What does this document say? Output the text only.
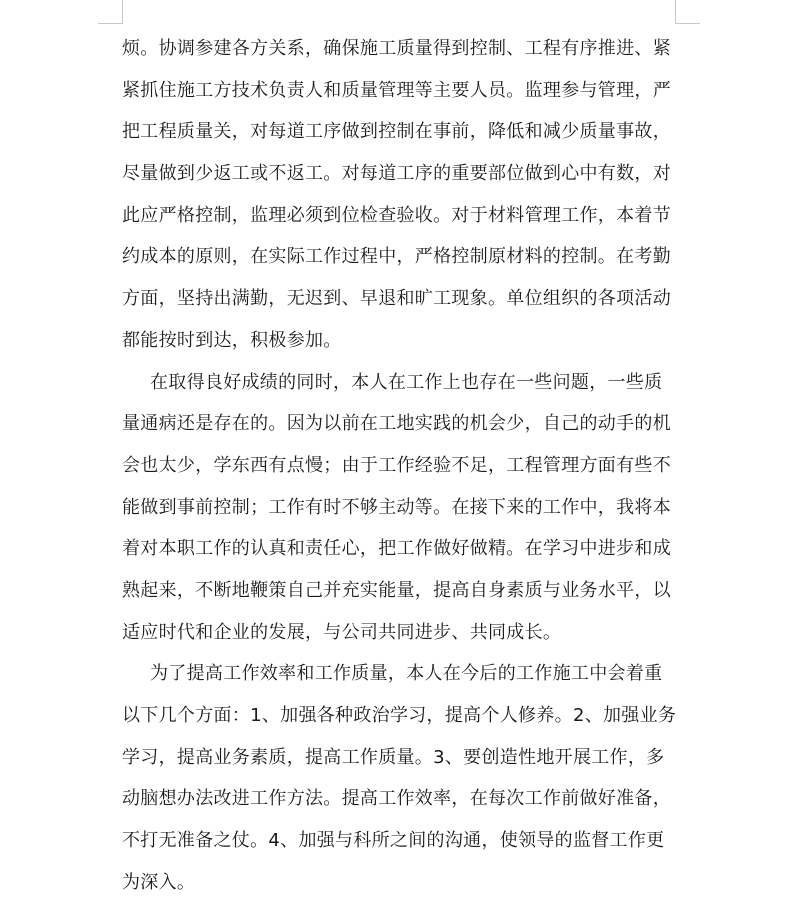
烦。协调参建各方关系，确保施工质量得到控制、工程有序推进、紧
紧抓住施工方技术负责人和质量管理等主要人员。监理参与管理，严
把工程质量关，对每道工序做到控制在事前，降低和减少质量事故，
尽量做到少返工或不返工。对每道工序的重要部位做到心中有数，对
此应严格控制，监理必须到位检查验收。对于材料管理工作，本着节
约成本的原则，在实际工作过程中，严格控制原材料的控制。在考勤
方面，坚持出满勤，无迟到、早退和旷工现象。单位组织的各项活动
都能按时到达，积极参加。
在取得良好成绩的同时，本人在工作上也存在一些问题，一些质
量通病还是存在的。因为以前在工地实践的机会少，自己的动手的机
会也太少，学东西有点慢；由于工作经验不足，工程管理方面有些不
能做到事前控制；工作有时不够主动等。在接下来的工作中，我将本
着对本职工作的认真和责任心，把工作做好做精。在学习中进步和成
熟起来，不断地鞭策自己并充实能量，提高自身素质与业务水平，以
适应时代和企业的发展，与公司共同进步、共同成长。
为了提高工作效率和工作质量，本人在今后的工作施工中会着重
以下几个方面：1、加强各种政治学习，提高个人修养。2、加强业务
学习，提高业务素质，提高工作质量。3、要创造性地开展工作，多
动脑想办法改进工作方法。提高工作效率，在每次工作前做好准备，
不打无准备之仗。4、加强与科所之间的沟通，使领导的监督工作更
为深入。
